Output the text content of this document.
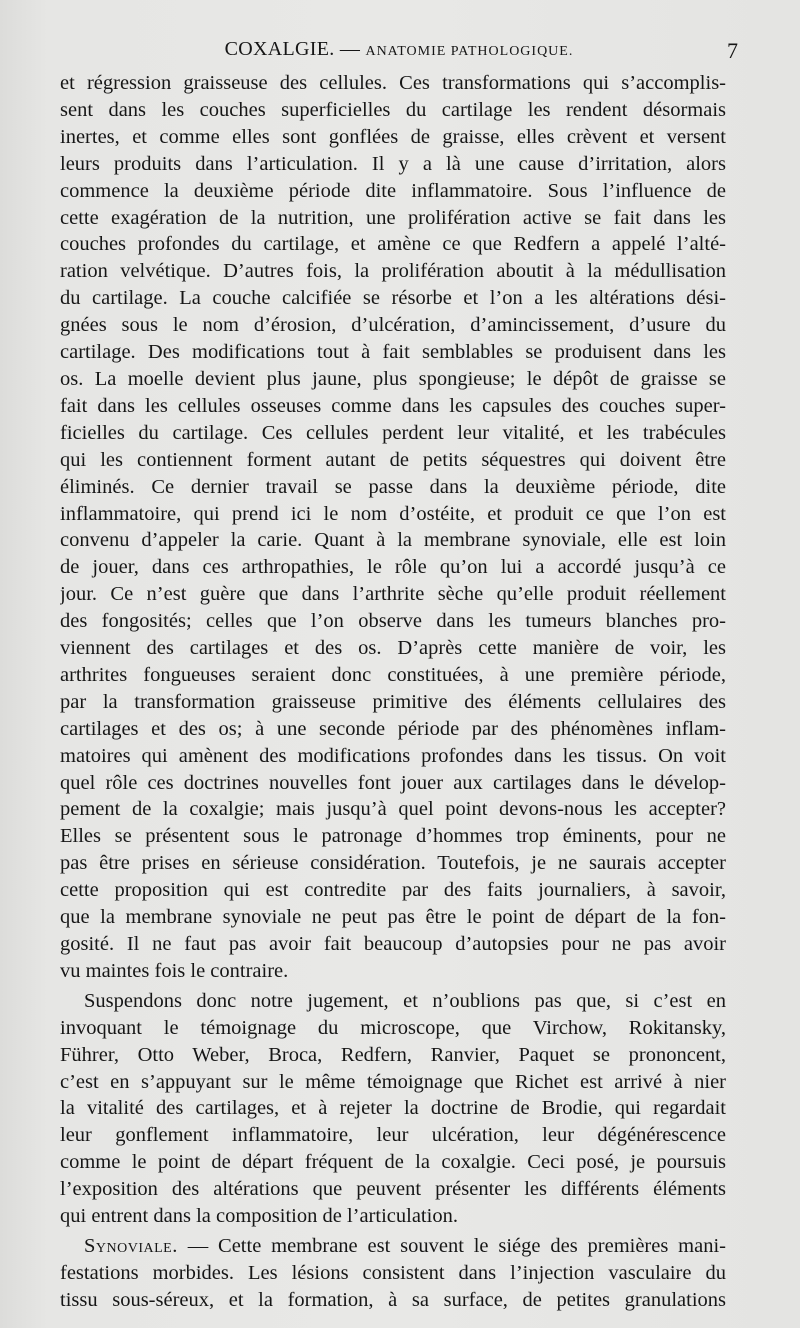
COXALGIE. — ANATOMIE PATHOLOGIQUE.	7
et régression graisseuse des cellules. Ces transformations qui s’accomplis-
sent dans les couches superficielles du cartilage les rendent désormais
inertes, et comme elles sont gonflées de graisse, elles crèvent et versent
leurs produits dans l’articulation. Il y a là une cause d’irritation, alors
commence la deuxième période dite inflammatoire. Sous l’influence de
cette exagération de la nutrition, une prolifération active se fait dans les
couches profondes du cartilage, et amène ce que Redfern a appelé l’alté-
ration velvétique. D’autres fois, la prolifération aboutit à la médullisation
du cartilage. La couche calcifiée se résorbe et l’on a les altérations dési-
gnées sous le nom d’érosion, d’ulcération, d’amincissement, d’usure du
cartilage. Des modifications tout à fait semblables se produisent dans les
os. La moelle devient plus jaune, plus spongieuse; le dépôt de graisse se
fait dans les cellules osseuses comme dans les capsules des couches super-
ficielles du cartilage. Ces cellules perdent leur vitalité, et les trabécules
qui les contiennent forment autant de petits séquestres qui doivent être
éliminés. Ce dernier travail se passe dans la deuxième période, dite
inflammatoire, qui prend ici le nom d’ostéite, et produit ce que l’on est
convenu d’appeler la carie. Quant à la membrane synoviale, elle est loin
de jouer, dans ces arthropathies, le rôle qu’on lui a accordé jusqu’à ce
jour. Ce n’est guère que dans l’arthrite sèche qu’elle produit réellement
des fongosités; celles que l’on observe dans les tumeurs blanches pro-
viennent des cartilages et des os. D’après cette manière de voir, les
arthrites fongueuses seraient donc constituées, à une première période,
par la transformation graisseuse primitive des éléments cellulaires des
cartilages et des os; à une seconde période par des phénomènes inflam-
matoires qui amènent des modifications profondes dans les tissus. On voit
quel rôle ces doctrines nouvelles font jouer aux cartilages dans le dévelop-
pement de la coxalgie; mais jusqu’à quel point devons-nous les accepter?
Elles se présentent sous le patronage d’hommes trop éminents, pour ne
pas être prises en sérieuse considération. Toutefois, je ne saurais accepter
cette proposition qui est contredite par des faits journaliers, à savoir,
que la membrane synoviale ne peut pas être le point de départ de la fon-
gosité. Il ne faut pas avoir fait beaucoup d’autopsies pour ne pas avoir
vu maintes fois le contraire.
Suspendons donc notre jugement, et n’oublions pas que, si c’est en
invoquant le témoignage du microscope, que Virchow, Rokitansky,
Führer, Otto Weber, Broca, Redfern, Ranvier, Paquet se prononcent,
c’est en s’appuyant sur le même témoignage que Richet est arrivé à nier
la vitalité des cartilages, et à rejeter la doctrine de Brodie, qui regardait
leur gonflement inflammatoire, leur ulcération, leur dégénérescence
comme le point de départ fréquent de la coxalgie. Ceci posé, je poursuis
l’exposition des altérations que peuvent présenter les différents éléments
qui entrent dans la composition de l’articulation.
Synoviale. — Cette membrane est souvent le siége des premières mani-
festations morbides. Les lésions consistent dans l’injection vasculaire du
tissu sous-séreux, et la formation, à sa surface, de petites granulations
